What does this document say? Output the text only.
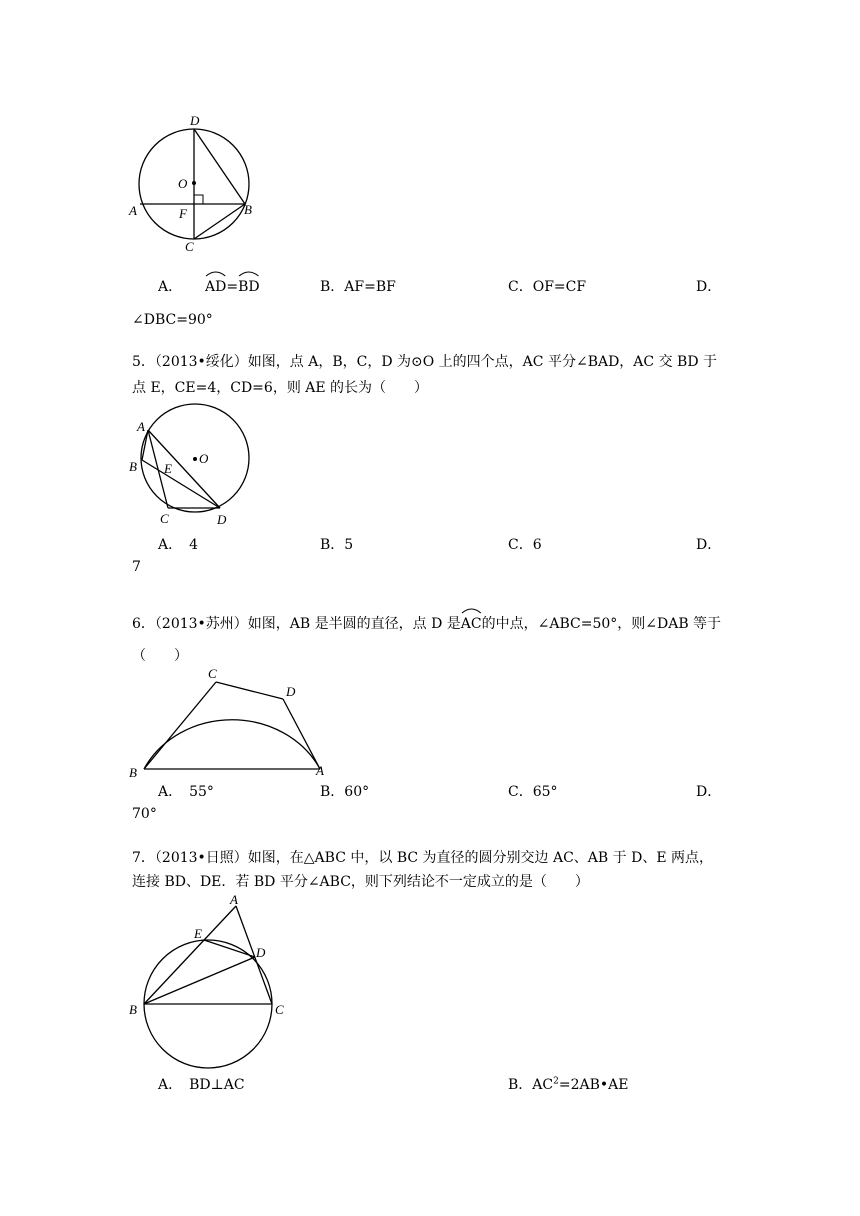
D
O
A	F	B
C
A． AD=
BD	B．AF=BF	C．OF=CF	D．
∠DBC=90°
5．（2013•绥化）如图，点 A，B，C，D 为⊙O 上的四个点，AC 平分∠BAD，AC 交 BD 于
点 E，CE=4，CD=6，则 AE 的长为（　　）
A
B E
O
C	D
A．　4	B．5	C．6	D．
7
6．（2013•苏州）如图，AB 是半圆的直径，点 D 是
AC的中点，∠ABC=50°，则∠DAB 等于
（　　）
C
D
B	A
A．　55°	B．60°	C．65°	D．
70°
7．（2013•日照）如图，在△ABC 中，以 BC 为直径的圆分别交边 AC、AB 于 D、E 两点，
连接 BD、DE．若 BD 平分∠ABC，则下列结论不一定成立的是（　　）
A
E
D
B	C
A．　BD⊥AC	B．$AC^2=2AB•AE$
